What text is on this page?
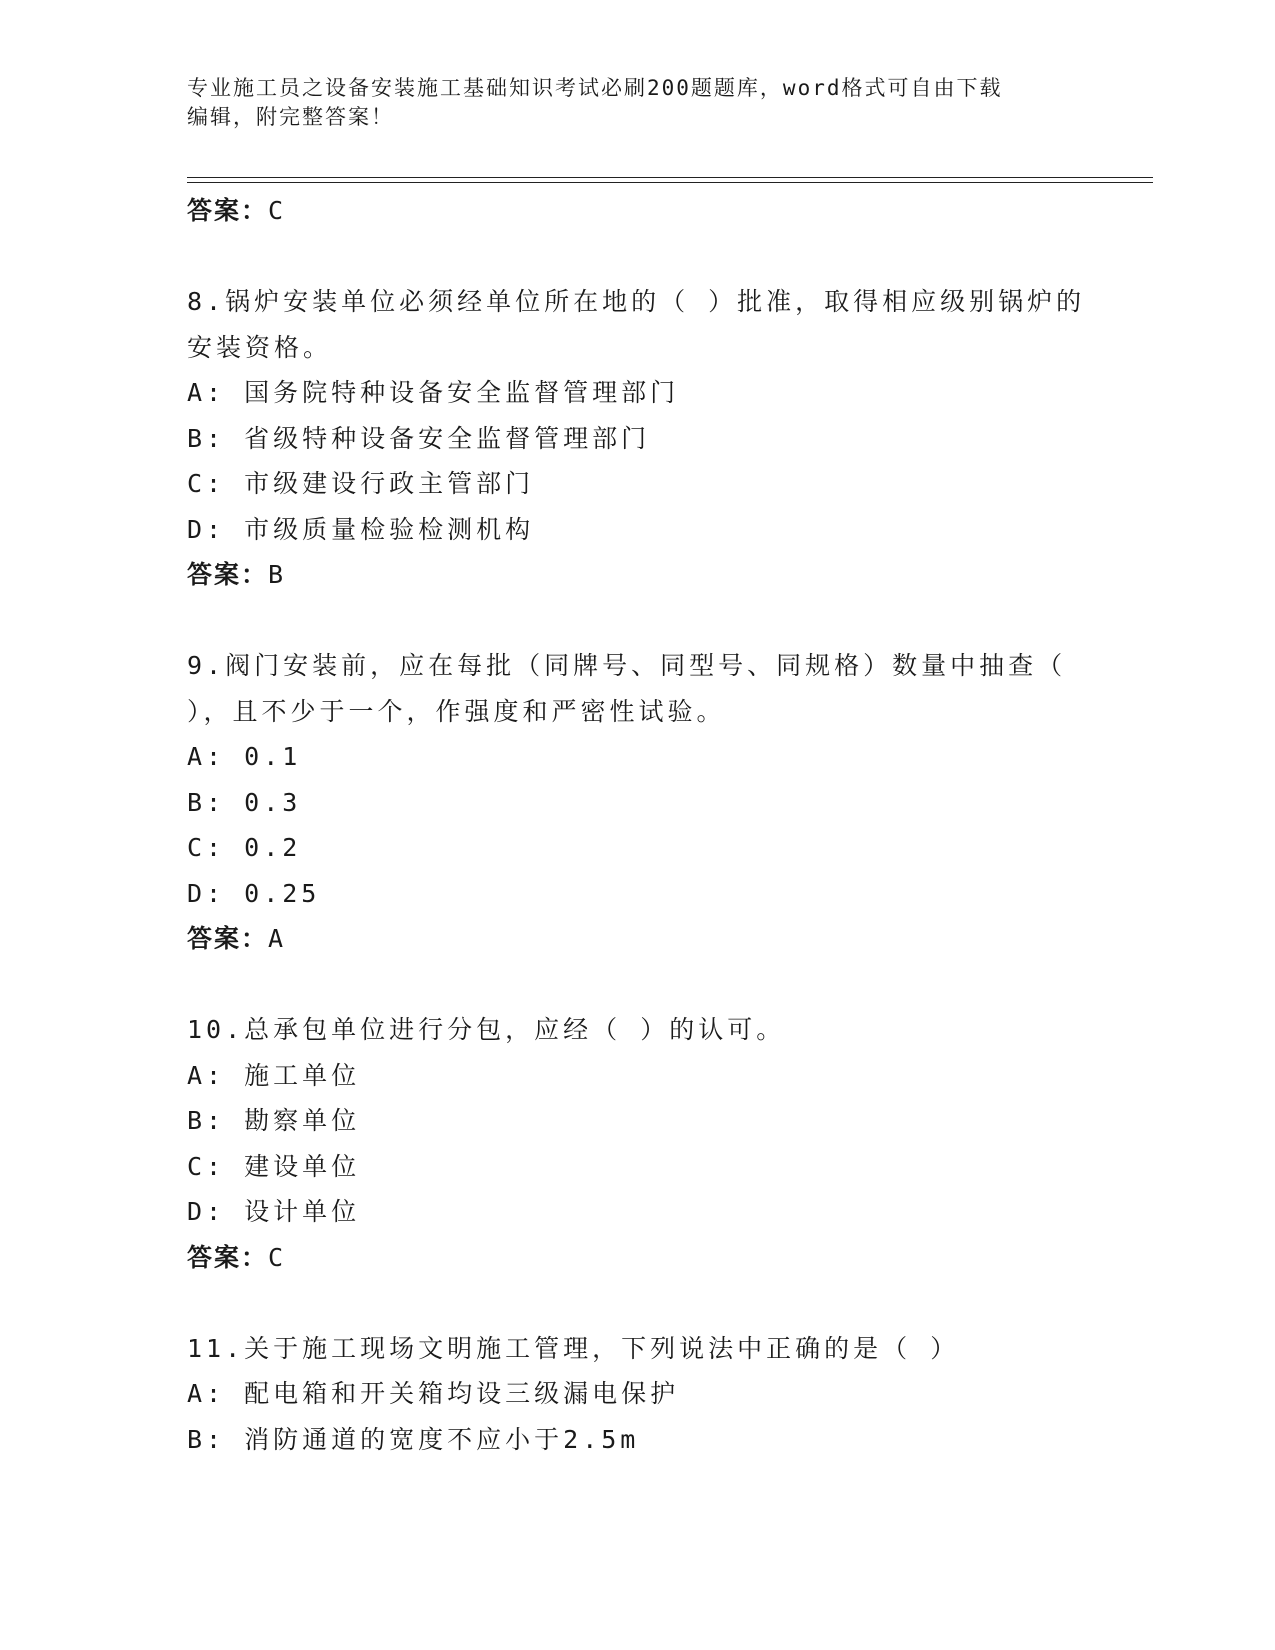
专业施工员之设备安装施工基础知识考试必刷200题题库，word格式可自由下载
编辑，附完整答案！
答案：C
8.锅炉安装单位必须经单位所在地的（ ）批准，取得相应级别锅炉的
安装资格。
A: 国务院特种设备安全监督管理部门
B: 省级特种设备安全监督管理部门
C: 市级建设行政主管部门
D: 市级质量检验检测机构
答案：B
9.阀门安装前，应在每批（同牌号、同型号、同规格）数量中抽查（
），且不少于一个，作强度和严密性试验。
A: 0.1
B: 0.3
C: 0.2
D: 0.25
答案：A
10.总承包单位进行分包，应经（ ）的认可。
A: 施工单位
B: 勘察单位
C: 建设单位
D: 设计单位
答案：C
11.关于施工现场文明施工管理，下列说法中正确的是（ ）
A: 配电箱和开关箱均设三级漏电保护
B: 消防通道的宽度不应小于2.5m
